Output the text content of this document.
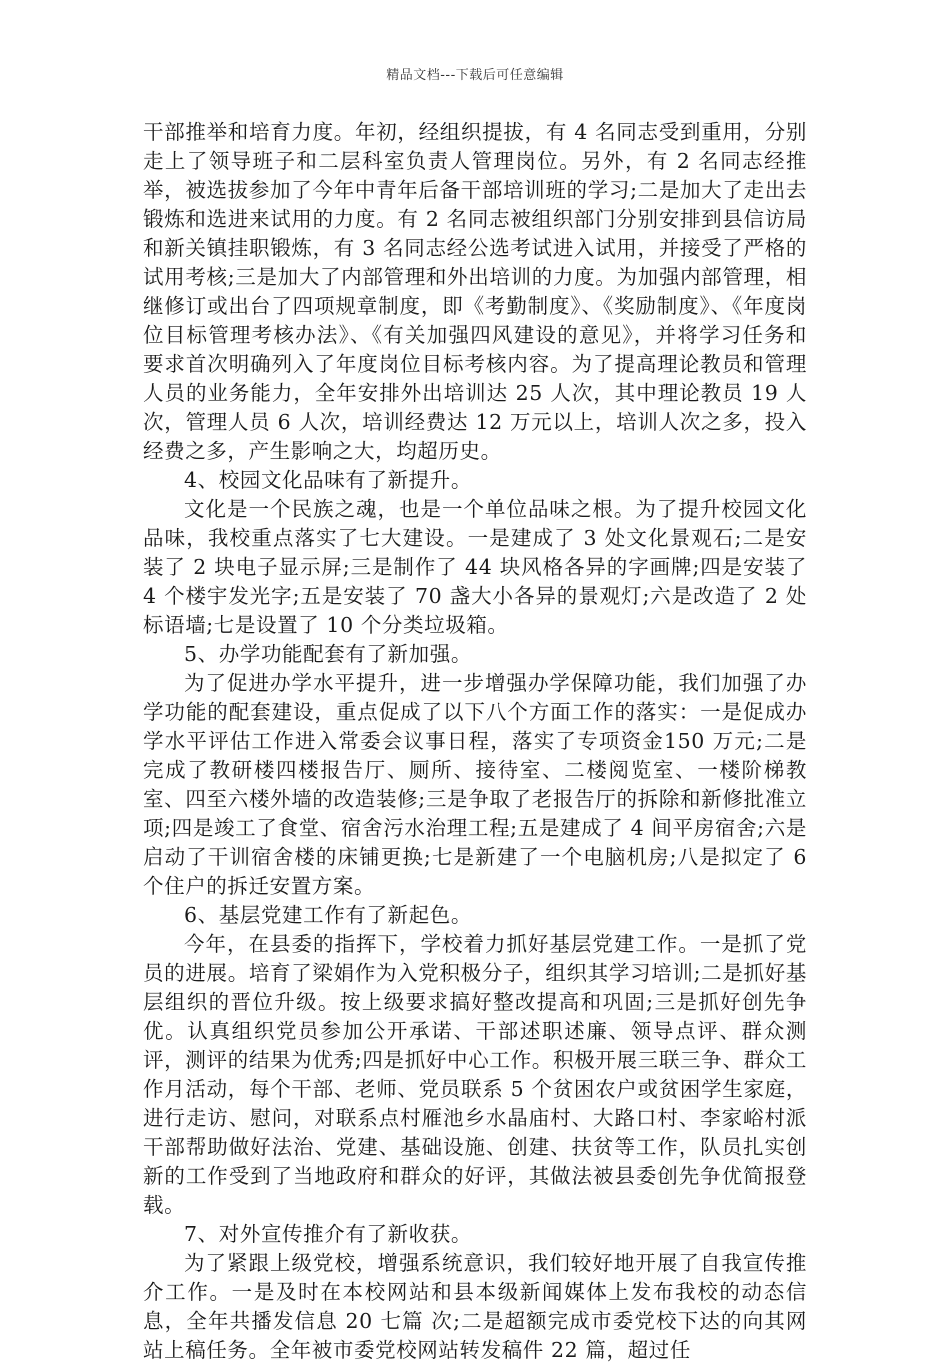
精品文档---下载后可任意编辑

干部推举和培育力度。年初，经组织提拔，有 4 名同志受到重用，分别走上了领导班子和二层科室负责人管理岗位。另外，有 2 名同志经推举，被选拔参加了今年中青年后备干部培训班的学习;二是加大了走出去锻炼和选进来试用的力度。有 2 名同志被组织部门分别安排到县信访局和新关镇挂职锻炼，有 3 名同志经公选考试进入试用，并接受了严格的试用考核;三是加大了内部管理和外出培训的力度。为加强内部管理，相继修订或出台了四项规章制度，即《考勤制度》、《奖励制度》、《年度岗位目标管理考核办法》、《有关加强四风建设的意见》，并将学习任务和要求首次明确列入了年度岗位目标考核内容。为了提高理论教员和管理人员的业务能力，全年安排外出培训达 25 人次，其中理论教员 19 人次，管理人员 6 人次，培训经费达 12 万元以上，培训人次之多，投入经费之多，产生影响之大，均超历史。

4、校园文化品味有了新提升。

文化是一个民族之魂，也是一个单位品味之根。为了提升校园文化品味，我校重点落实了七大建设。一是建成了 3 处文化景观石;二是安装了 2 块电子显示屏;三是制作了 44 块风格各异的字画牌;四是安装了 4 个楼宇发光字;五是安装了 70 盏大小各异的景观灯;六是改造了 2 处标语墙;七是设置了 10 个分类垃圾箱。

5、办学功能配套有了新加强。

为了促进办学水平提升，进一步增强办学保障功能，我们加强了办学功能的配套建设，重点促成了以下八个方面工作的落实：一是促成办学水平评估工作进入常委会议事日程，落实了专项资金150 万元;二是完成了教研楼四楼报告厅、厕所、接待室、二楼阅览室、一楼阶梯教室、四至六楼外墙的改造装修;三是争取了老报告厅的拆除和新修批准立项;四是竣工了食堂、宿舍污水治理工程;五是建成了 4 间平房宿舍;六是启动了干训宿舍楼的床铺更换;七是新建了一个电脑机房;八是拟定了 6 个住户的拆迁安置方案。

6、基层党建工作有了新起色。

今年，在县委的指挥下，学校着力抓好基层党建工作。一是抓了党员的进展。培育了梁娟作为入党积极分子，组织其学习培训;二是抓好基层组织的晋位升级。按上级要求搞好整改提高和巩固;三是抓好创先争优。认真组织党员参加公开承诺、干部述职述廉、领导点评、群众测评，测评的结果为优秀;四是抓好中心工作。积极开展三联三争、群众工作月活动，每个干部、老师、党员联系 5 个贫困农户或贫困学生家庭，进行走访、慰问，对联系点村雁池乡水晶庙村、大路口村、李家峪村派干部帮助做好法治、党建、基础设施、创建、扶贫等工作，队员扎实创新的工作受到了当地政府和群众的好评，其做法被县委创先争优简报登载。

7、对外宣传推介有了新收获。

为了紧跟上级党校，增强系统意识，我们较好地开展了自我宣传推介工作。一是及时在本校网站和县本级新闻媒体上发布我校的动态信息，全年共播发信息 20 七篇 次;二是超额完成市委党校下达的向其网站上稿任务。全年被市委党校网站转发稿件 22 篇，超过任
